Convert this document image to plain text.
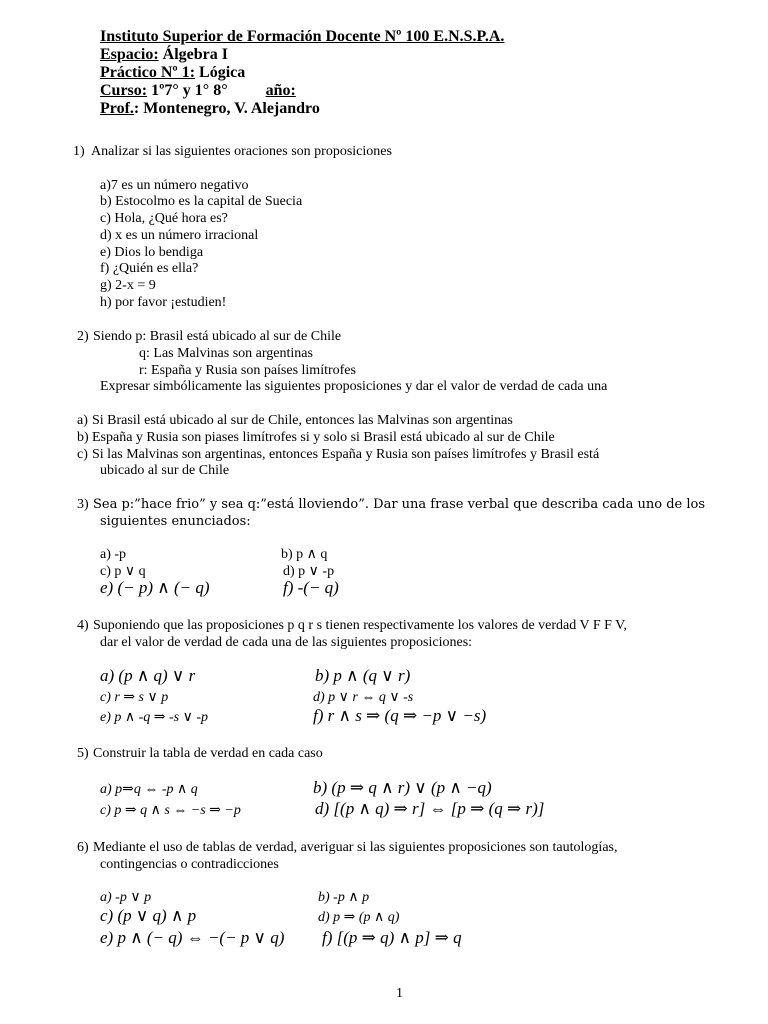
Instituto Superior de Formación Docente Nº 100 E.N.S.P.A.
Espacio: Álgebra I
Práctico Nº 1: Lógica
Curso: 1º7° y 1° 8° año:
Prof.: Montenegro, V. Alejandro
1) Analizar si las siguientes oraciones son proposiciones
a)7 es un número negativo
b) Estocolmo es la capital de Suecia
c) Hola, ¿Qué hora es?
d) x es un número irracional
e) Dios lo bendiga
f) ¿Quién es ella?
g) 2-x = 9
h) por favor ¡estudien!
2) Siendo p: Brasil está ubicado al sur de Chile
q: Las Malvinas son argentinas
r: España y Rusia son países limítrofes
Expresar simbólicamente las siguientes proposiciones y dar el valor de verdad de cada una
a) Si Brasil está ubicado al sur de Chile, entonces las Malvinas son argentinas
b) España y Rusia son piases limítrofes si y solo si Brasil está ubicado al sur de Chile
c) Si las Malvinas son argentinas, entonces España y Rusia son países limítrofes y Brasil está
ubicado al sur de Chile
3) Sea p:”hace frio” y sea q:”está lloviendo”. Dar una frase verbal que describa cada uno de los
siguientes enunciados:
a) -p	b) p ∧ q
c) p ∨ q	d) p ∨ -p
e) (− p) ∧ (− q)	f) -(− q)
4) Suponiendo que las proposiciones p q r s tienen respectivamente los valores de verdad V F F V,
dar el valor de verdad de cada una de las siguientes proposiciones:
a) (p ∧ q) ∨ r	b) p ∧ (q ∨ r)
c) r ⇒ s ∨ p	d) p ∨ r ⇔ q ∨ -s
e) p ∧ -q ⇒ -s ∨ -p	f) r ∧ s ⇒ (q ⇒ −p ∨ −s)
5) Construir la tabla de verdad en cada caso
a) p⇒q ⇔ -p ∧ q	b) (p ⇒ q ∧ r) ∨ (p ∧ −q)
c) p ⇒ q ∧ s ⇔ −s ⇒ −p	d) [(p ∧ q) ⇒ r] ⇔ [p ⇒ (q ⇒ r)]
6) Mediante el uso de tablas de verdad, averiguar si las siguientes proposiciones son tautologías,
contingencias o contradicciones
a) -p ∨ p	b) -p ∧ p
c) (p ∨ q) ∧ p	d) p ⇒ (p ∧ q)
e) p ∧ (− q) ⇔ −(− p ∨ q) f) [(p ⇒ q) ∧ p] ⇒ q
1
